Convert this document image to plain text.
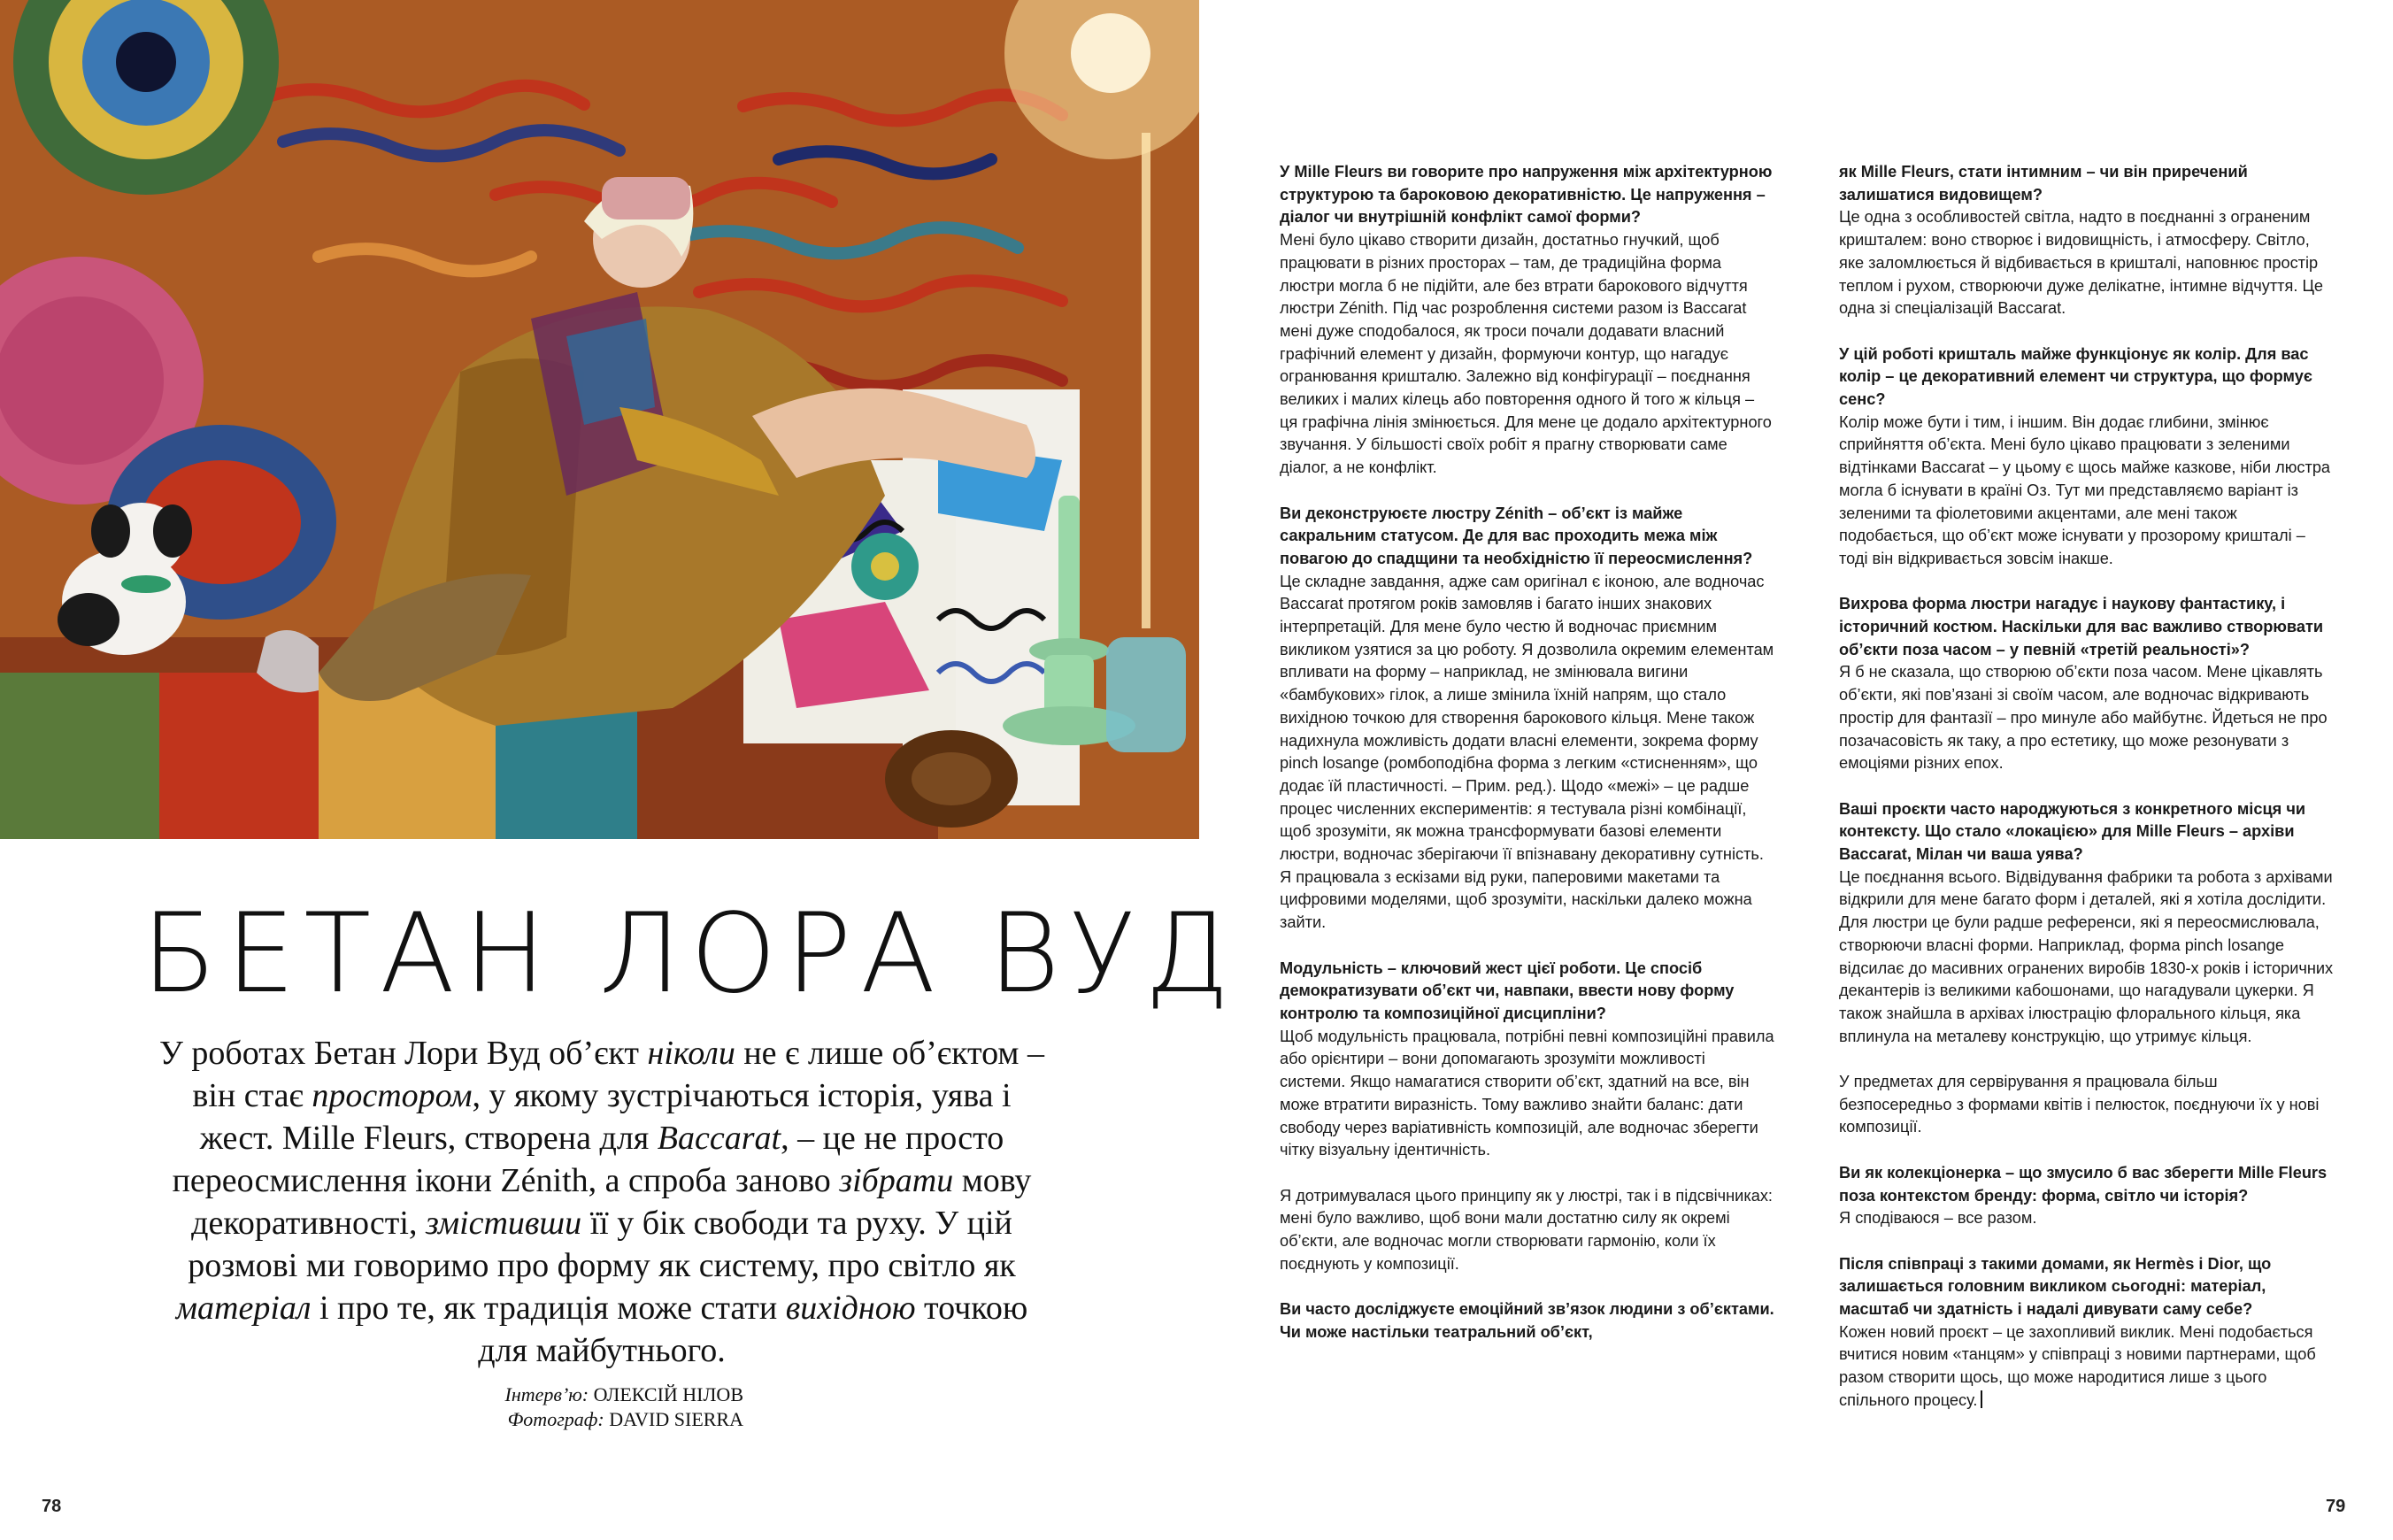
БЕТАН ЛОРА ВУД
У роботах Бетан Лори Вуд об’єкт ніколи не є лише об’єктом – він стає простором, у якому зустрічаються історія, уява і жест. Mille Fleurs, створена для Baccarat, – це не просто переосмислення ікони Zénith, а спроба заново зібрати мову декоративності, змістивши її у бік свободи та руху. У цій розмові ми говоримо про форму як систему, про світло як матеріал і про те, як традиція може стати вихідною точкою для майбутнього.
Інтерв’ю: ОЛЕКСІЙ НІЛОВ
Фотограф: DAVID SIERRA
78	79

У Mille Fleurs ви говорите про напруження між архітектурною структурою та бароковою декоративністю. Це напруження – діалог чи внутрішній конфлікт самої форми?

Мені було цікаво створити дизайн, достатньо гнучкий, щоб працювати в різних просторах – там, де традиційна форма люстри могла б не підійти, але без втрати барокового відчуття люстри Zénith. Під час розроблення системи разом із Baccarat мені дуже сподобалося, як троси почали додавати власний графічний елемент у дизайн, формуючи контур, що нагадує огранювання кришталю. Залежно від конфігурації – поєднання великих і малих кілець або повторення одного й того ж кільця – ця графічна лінія змінюється. Для мене це додало архітектурного звучання. У більшості своїх робіт я прагну створювати саме діалог, а не конфлікт.

Ви деконструюєте люстру Zénith – об’єкт із майже сакральним статусом. Де для вас проходить межа між повагою до спадщини та необхідністю її переосмислення?

Це складне завдання, адже сам оригінал є іконою, але водночас Baccarat протягом років замовляв і багато інших знакових інтерпретацій. Для мене було честю й водночас приємним викликом узятися за цю роботу. Я дозволила окремим елементам впливати на форму – наприклад, не змінювала вигини «бамбукових» гілок, а лише змінила їхній напрям, що стало вихідною точкою для створення барокового кільця. Мене також надихнула можливість додати власні елементи, зокрема форму pinch losange (ромбоподібна форма з легким «стисненням», що додає їй пластичності. – Прим. ред.). Щодо «межі» – це радше процес численних експериментів: я тестувала різні комбінації, щоб зрозуміти, як можна трансформувати базові елементи люстри, водночас зберігаючи її впізнавану декоративну сутність. Я працювала з ескізами від руки, паперовими макетами та цифровими моделями, щоб зрозуміти, наскільки далеко можна зайти.

Модульність – ключовий жест цієї роботи. Це спосіб демократизувати об’єкт чи, навпаки, ввести нову форму контролю та композиційної дисципліни?

Щоб модульність працювала, потрібні певні композиційні правила або орієнтири – вони допомагають зрозуміти можливості системи. Якщо намагатися створити об’єкт, здатний на все, він може втратити виразність. Тому важливо знайти баланс: дати свободу через варіативність композицій, але водночас зберегти чітку візуальну ідентичність.

Я дотримувалася цього принципу як у люстрі, так і в підсвічниках: мені було важливо, щоб вони мали достатню силу як окремі об’єкти, але водночас могли створювати гармонію, коли їх поєднують у композиції.

Ви часто досліджуєте емоційний зв’язок людини з об’єктами. Чи може настільки театральний об’єкт,

як Mille Fleurs, стати інтимним – чи він приречений залишатися видовищем?

Це одна з особливостей світла, надто в поєднанні з ограненим кришталем: воно створює і видовищність, і атмосферу. Світло, яке заломлюється й відбивається в кришталі, наповнює простір теплом і рухом, створюючи дуже делікатне, інтимне відчуття. Це одна зі спеціалізацій Baccarat.

У цій роботі кришталь майже функціонує як колір. Для вас колір – це декоративний елемент чи структура, що формує сенс?

Колір може бути і тим, і іншим. Він додає глибини, змінює сприйняття об’єкта. Мені було цікаво працювати з зеленими відтінками Baccarat – у цьому є щось майже казкове, ніби люстра могла б існувати в країні Оз. Тут ми представляємо варіант із зеленими та фіолетовими акцентами, але мені також подобається, що об’єкт може існувати у прозорому кришталі – тоді він відкривається зовсім інакше.

Вихрова форма люстри нагадує і наукову фантастику, і історичний костюм. Наскільки для вас важливо створювати об’єкти поза часом – у певній «третій реальності»?

Я б не сказала, що створюю об’єкти поза часом. Мене цікавлять об’єкти, які пов’язані зі своїм часом, але водночас відкривають простір для фантазії – про минуле або майбутнє. Йдеться не про позачасовість як таку, а про естетику, що може резонувати з емоціями різних епох.

Ваші проєкти часто народжуються з конкретного місця чи контексту. Що стало «локацією» для Mille Fleurs – архіви Baccarat, Мілан чи ваша уява?

Це поєднання всього. Відвідування фабрики та робота з архівами відкрили для мене багато форм і деталей, які я хотіла дослідити. Для люстри це були радше референси, які я переосмислювала, створюючи власні форми. Наприклад, форма pinch losange відсилає до масивних огранених виробів 1830-х років і історичних декантерів із великими кабошонами, що нагадували цукерки. Я також знайшла в архівах ілюстрацію флорального кільця, яка вплинула на металеву конструкцію, що утримує кільця.

У предметах для сервірування я працювала більш безпосередньо з формами квітів і пелюсток, поєднуючи їх у нові композиції.

Ви як колекціонерка – що змусило б вас зберегти Mille Fleurs поза контекстом бренду: форма, світло чи історія?

Я сподіваюся – все разом.

Після співпраці з такими домами, як Hermès і Dior, що залишається головним викликом сьогодні: матеріал, масштаб чи здатність і надалі дивувати саму себе?

Кожен новий проєкт – це захопливий виклик. Мені подобається вчитися новим «танцям» у співпраці з новими партнерами, щоб разом створити щось, що може народитися лише з цього спільного процесу.
